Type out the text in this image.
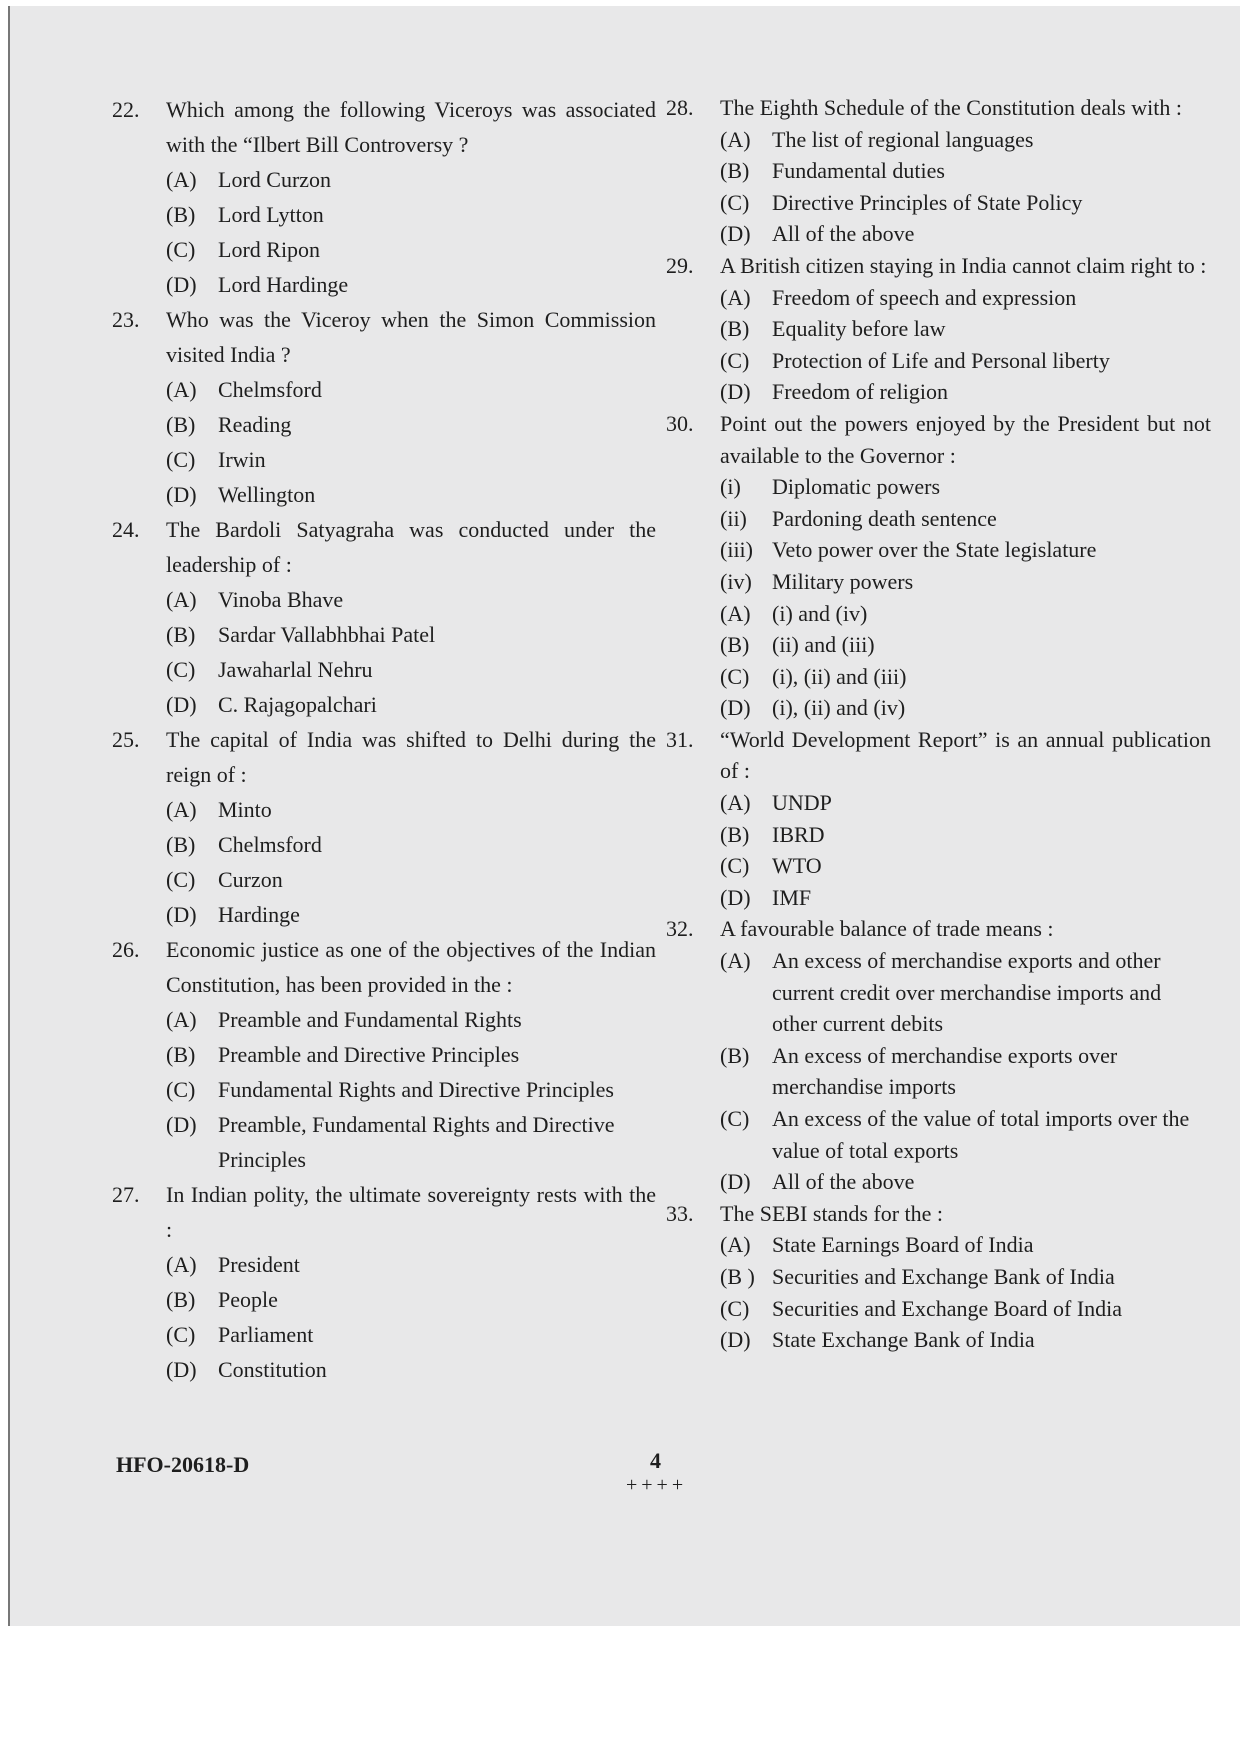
22.	Which among the following Viceroys was associated with the “Ilbert Bill Controversy ?
(A) Lord Curzon
(B)	Lord Lytton
(C)	Lord Ripon
(D) Lord Hardinge
23.	Who was the Viceroy when the Simon Commission visited India ?
(A) Chelmsford
(B)	Reading
(C)	Irwin
(D) Wellington
24.	The Bardoli Satyagraha was conducted under the leadership of :
(A) Vinoba Bhave
(B)	Sardar Vallabhbhai Patel
(C)	Jawaharlal Nehru
(D) C. Rajagopalchari
25.	The capital of India was shifted to Delhi during the reign of :
(A) Minto
(B)	Chelmsford
(C)	Curzon
(D) Hardinge
26.	Economic justice as one of the objectives of the Indian Constitution, has been provided in the :
(A) Preamble and Fundamental Rights
(B)	Preamble and Directive Principles
(C)	Fundamental Rights and Directive Principles
(D) Preamble, Fundamental Rights and Directive Principles
27.	In Indian polity, the ultimate sovereignty rests with the :
(A) President
(B)	People
(C)	Parliament
(D) Constitution
28.	The Eighth Schedule of the Constitution deals with :
(A) The list of regional languages
(B)	Fundamental duties
(C)	Directive Principles of State Policy
(D) All of the above
29.	A British citizen staying in India cannot claim right to :
(A) Freedom of speech and expression
(B)	Equality before law
(C)	Protection of Life and Personal liberty
(D) Freedom of religion
30.	Point out the powers enjoyed by the President but not available to the Governor :
(i)	Diplomatic powers
(ii)	Pardoning death sentence
(iii) Veto power over the State legislature
(iv) Military powers
(A) (i) and (iv)
(B)	(ii) and (iii)
(C)	(i), (ii) and (iii)
(D) (i), (ii) and (iv)
31.	“World Development Report” is an annual publication of :
(A) UNDP
(B)	IBRD
(C)	WTO
(D) IMF
32.	A favourable balance of trade means :
(A) An excess of merchandise exports and other current credit over merchandise imports and other current debits
(B)	An excess of merchandise exports over merchandise imports
(C)	An excess of the value of total imports over the value of total exports
(D) All of the above
33.	The SEBI stands for the :
(A) State Earnings Board of India
(B ) Securities and Exchange Bank of India
(C)	Securities and Exchange Board of India
(D) State Exchange Bank of India
HFO-20618-D	4
++++
